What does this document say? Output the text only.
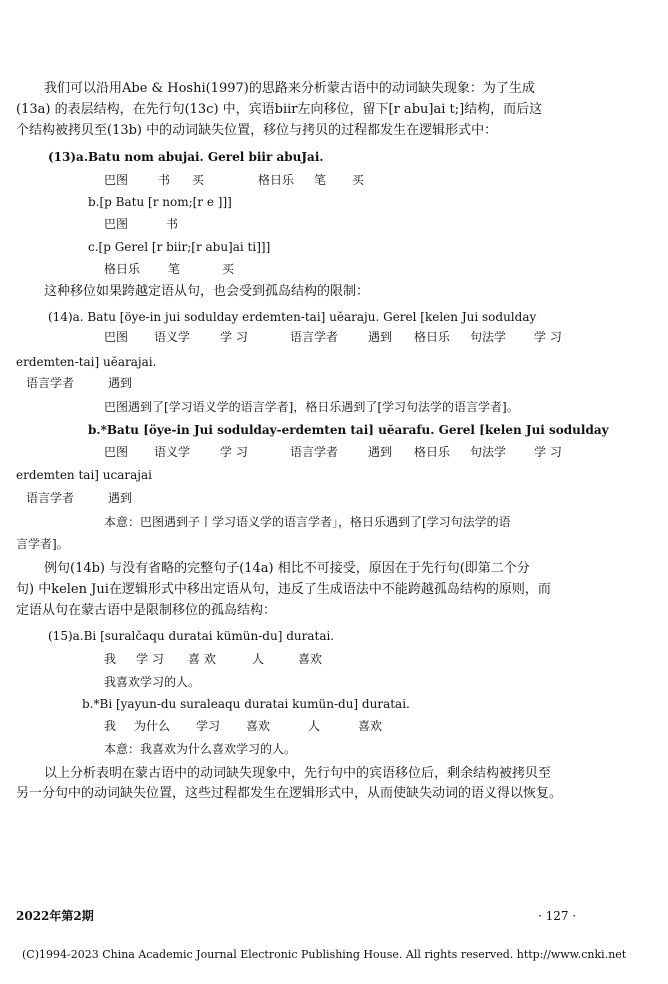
我们可以沿用Abe & Hoshi(1997)的思路来分析蒙古语中的动词缺失现象：为了生成
(13a) 的表层结构，在先行句(13c) 中，宾语biir左向移位，留下[r abu]ai t;]结构，而后这
个结构被拷贝至(13b) 中的动词缺失位置，移位与拷贝的过程都发生在逻辑形式中：
(13)a.Batu nom abujai. Gerel biir abuJai.
巴图 书 买	格日乐 笔 买
b.[p Batu [r nom;[r e ]]]
巴图	书
c.[p Gerel [r biir;[r abu]ai ti]]]
格日乐 笔	买
这种移位如果跨越定语从句，也会受到孤岛结构的限制：
(14)a. Batu [öye-in jui sodulday erdemten-tai] uĕaraju. Gerel [kelen Jui sodulday
巴图 语义学 学 习	语言学者 遇到 格日乐 句法学 学 习
erdemten-tai] uĕarajai.
语言学者	遇到
巴图遇到了[学习语义学的语言学者]，格日乐遇到了[学习句法学的语言学者]。
b.*Batu [öye-in Jui sodulday-erdemten tai] uĕarafu. Gerel [kelen Jui sodulday
巴图 语义学 学 习	语言学者 遇到 格日乐 句法学 学 习
erdemten tai] ucarajai
语言学者	遇到
本意：巴图遇到子丨学习语义学的语言学者」，格日乐遇到了[学习句法学的语
言学者]。
例句(14b) 与没有省略的完整句子(14a) 相比不可接受，原因在于先行句(即第二个分
句) 中kelen Jui在逻辑形式中移出定语从句，违反了生成语法中不能跨越孤岛结构的原则，而
定语从句在蒙古语中是限制移位的孤岛结构：
(15)a.Bi [suralčaqu duratai kümün-du] duratai.
我 学 习 喜 欢	人	喜欢
我喜欢学习的人。
b.*Bi [yayun-du suraleaqu duratai kumün-du] duratai.
我 为什么 学习 喜欢	人	喜欢
本意：我喜欢为什么喜欢学习的人。
以上分析表明在蒙古语中的动词缺失现象中，先行句中的宾语移位后，剩余结构被拷贝至
另一分句中的动词缺失位置，这些过程都发生在逻辑形式中，从而使缺失动词的语义得以恢复。
2022年第2期	· 127 ·
(C)1994-2023 China Academic Journal Electronic Publishing House. All rights reserved. http://www.cnki.net
